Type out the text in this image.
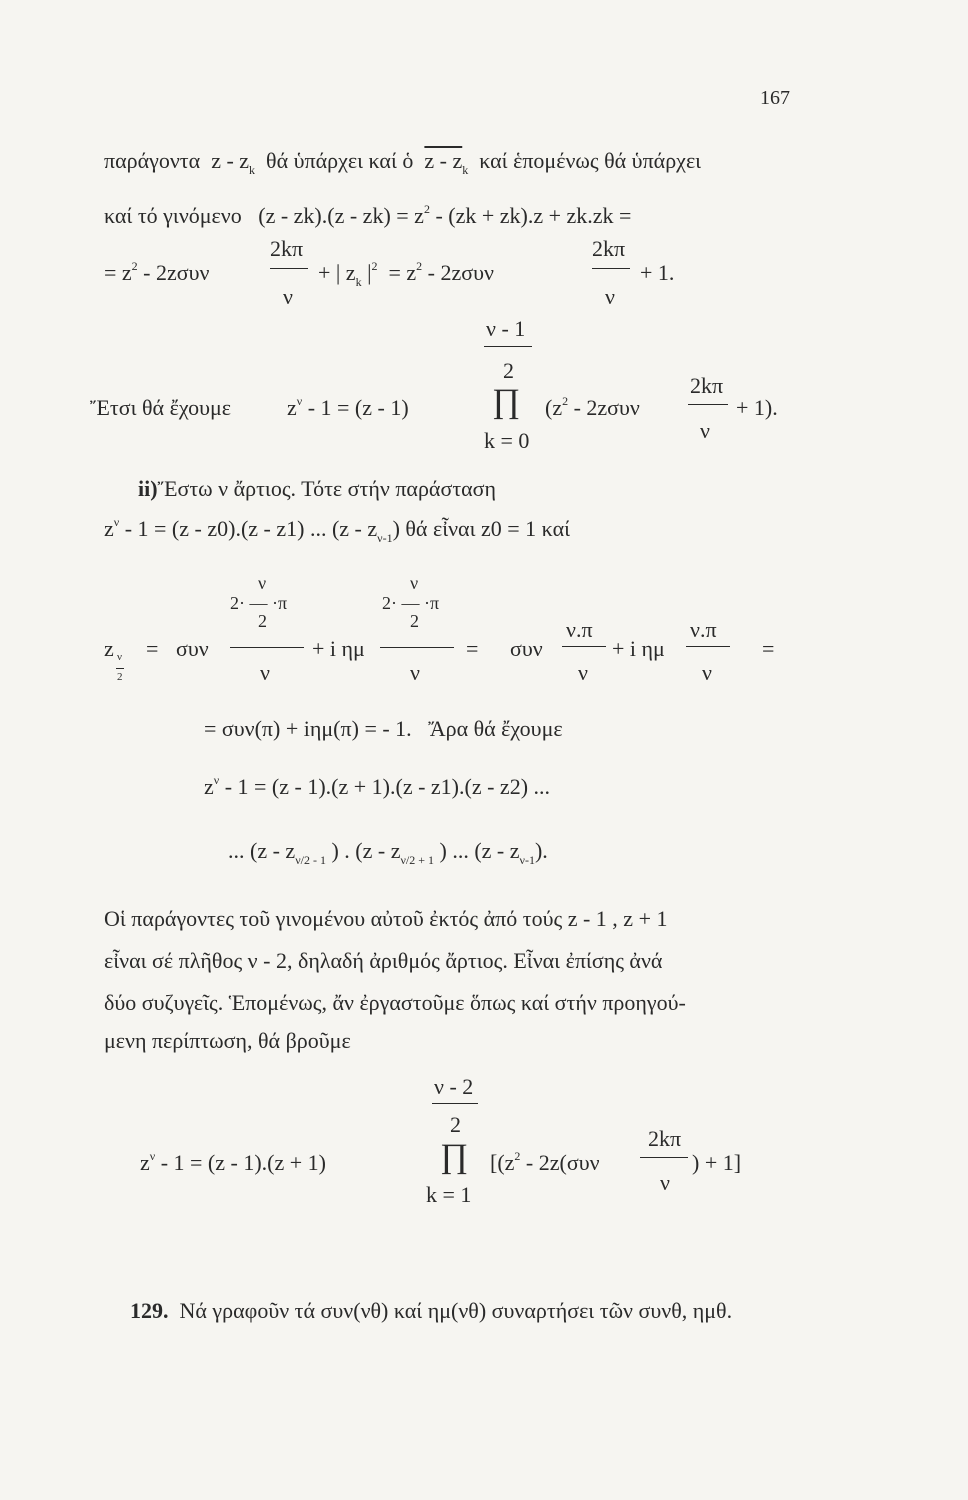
167
παράγοντα z - $z_k$ θά ὑπάρχει καί ὁ z - $z_k$ καί ἑπομένως θά ὑπάρχει
καί τό γινόμενο $(z - zk).(z - zk) = z^2 - (zk + zk).z + zk.zk$ =
= $z^2 - 2z\sigma\upsilon\nu$
2kπ
ν
+ | $z_k$ $|^2 = z^2 - 2z\sigma\upsilon\nu$
2kπ
ν
+ 1.
ν - 1
2
Ἔτσι θά ἔχουμε	$z^\nu - 1 = (z - 1)$ ∏
k = 0
($z^2 - 2z\sigma\upsilon\nu$
2kπ
ν
+ 1).
ii)Ἔστω ν ἄρτιος. Τότε στήν παράσταση
$z^\nu - 1 = (z - z0).(z - z1)$ ... $(z - z_{\nu-1})$ θά εἶναι z0 = 1 καί
ν
2· — ·π
2
ν
ν
2· — ·π
2
ν
z ν
2
= συν	+ i ημ	= συν
ν.π
ν
+ i ημ
ν.π
ν
=
= συν(π) + iημ(π) = - 1. Ἄρα θά ἔχουμε
$z^\nu - 1 = (z - 1).(z + 1).(z - z1).(z - z2)$ ...
... ($z - z_{\nu/2 - 1}$ ) . ($z - z_{\nu/2 + 1}$ ) ... $(z - z_{\nu-1})$.
Οἱ παράγοντες τοῦ γινομένου αὐτοῦ ἐκτός ἀπό τούς z - 1 , z + 1
εἶναι σέ πλῆθος ν - 2, δηλαδή ἀριθμός ἄρτιος. Εἶναι ἐπίσης ἀνά
δύο συζυγεῖς. Ἑπομένως, ἄν ἐργαστοῦμε ὅπως καί στήν προηγού-
μενη περίπτωση, θά βροῦμε
ν - 2
2
$z^\nu - 1 = (z - 1).(z + 1)$	∏
k = 1
[($z^2 - 2z(\sigma\upsilon\nu$
2kπ
ν
) + 1]
129. Νά γραφοῦν τά συν(νθ) καί ημ(νθ) συναρτήσει τῶν συνθ, ημθ.
